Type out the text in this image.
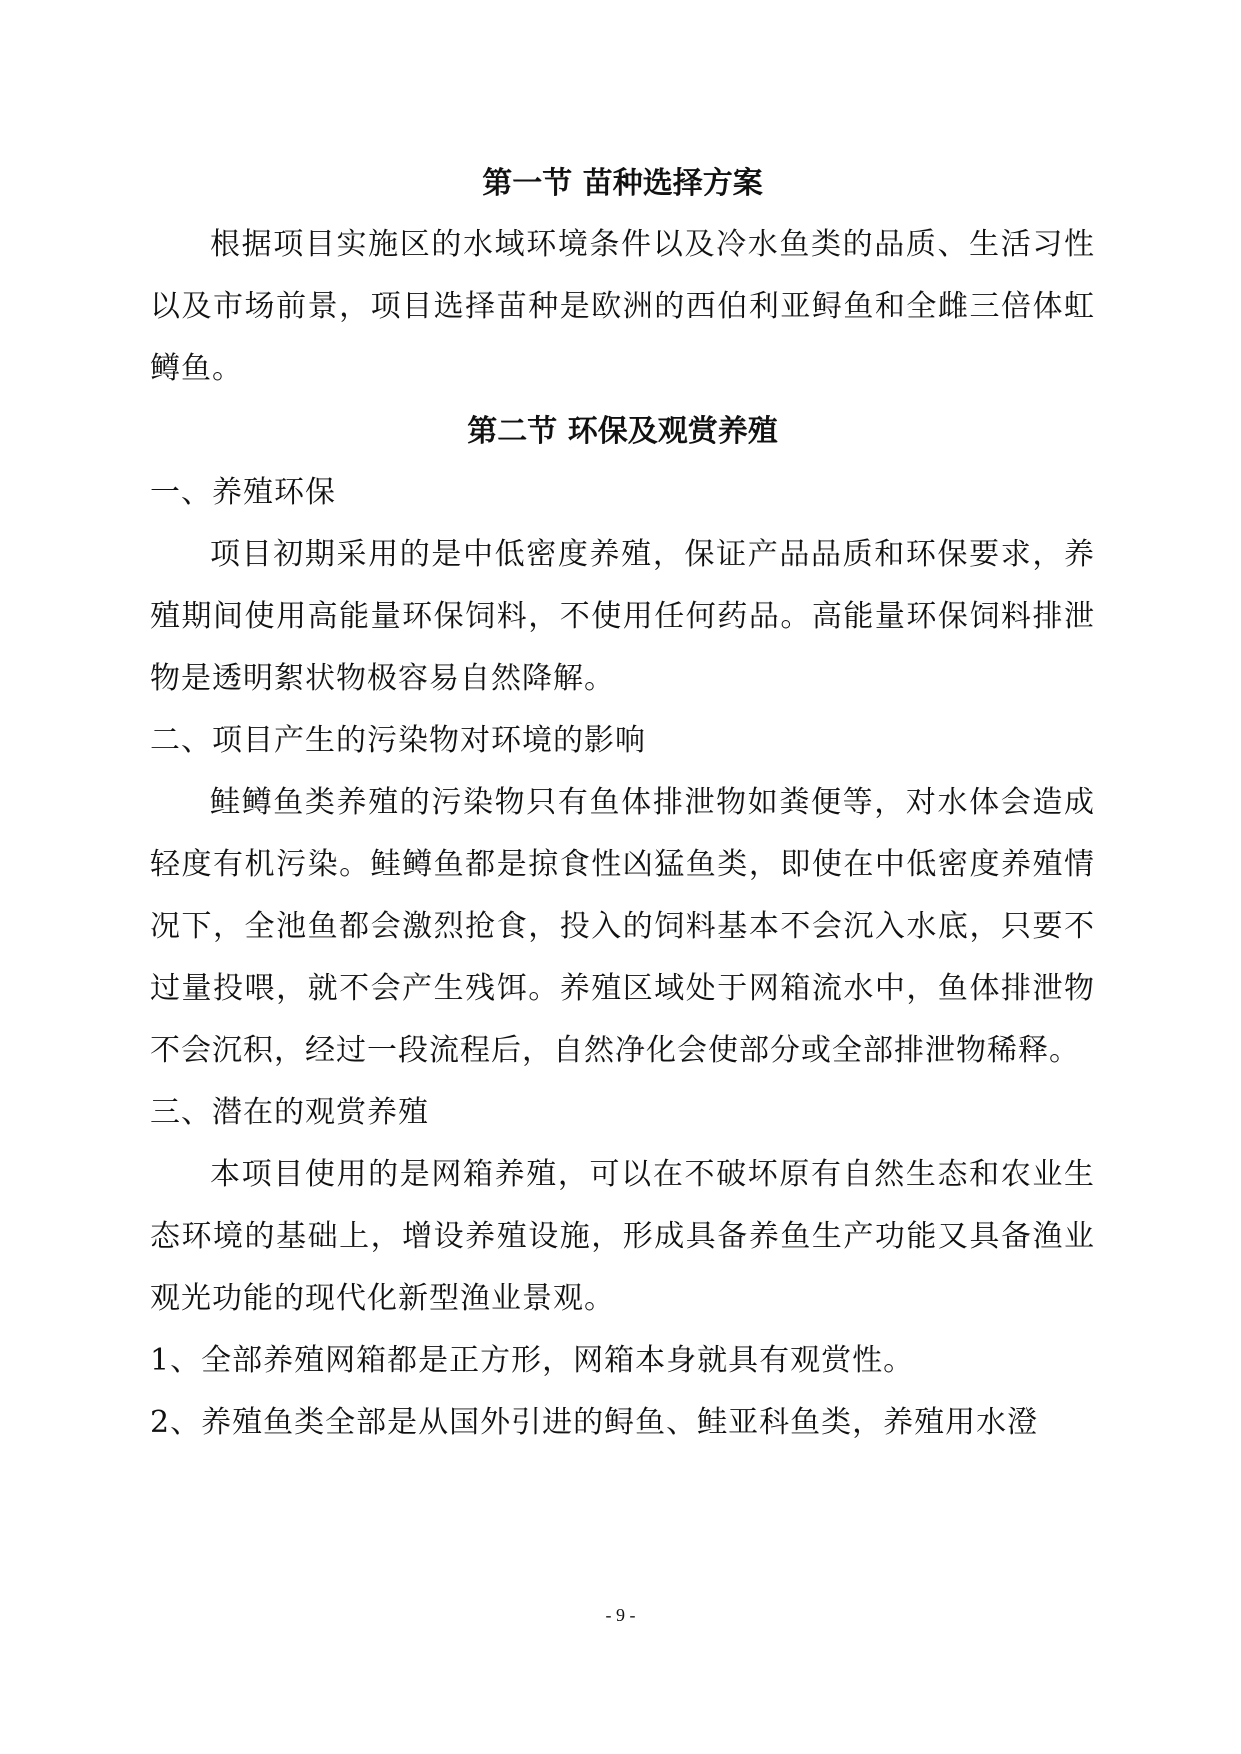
第一节 苗种选择方案

根据项目实施区的水域环境条件以及冷水鱼类的品质、生活习性以及市场前景，项目选择苗种是欧洲的西伯利亚鲟鱼和全雌三倍体虹鳟鱼。

第二节 环保及观赏养殖

一、养殖环保

项目初期采用的是中低密度养殖，保证产品品质和环保要求，养殖期间使用高能量环保饲料，不使用任何药品。高能量环保饲料排泄物是透明絮状物极容易自然降解。

二、项目产生的污染物对环境的影响

鲑鳟鱼类养殖的污染物只有鱼体排泄物如粪便等，对水体会造成轻度有机污染。鲑鳟鱼都是掠食性凶猛鱼类，即使在中低密度养殖情况下，全池鱼都会激烈抢食，投入的饲料基本不会沉入水底，只要不过量投喂，就不会产生残饵。养殖区域处于网箱流水中，鱼体排泄物不会沉积，经过一段流程后，自然净化会使部分或全部排泄物稀释。

三、潜在的观赏养殖

本项目使用的是网箱养殖，可以在不破坏原有自然生态和农业生态环境的基础上，增设养殖设施，形成具备养鱼生产功能又具备渔业观光功能的现代化新型渔业景观。

1、全部养殖网箱都是正方形，网箱本身就具有观赏性。

2、养殖鱼类全部是从国外引进的鲟鱼、鲑亚科鱼类，养殖用水澄

- 9 -
